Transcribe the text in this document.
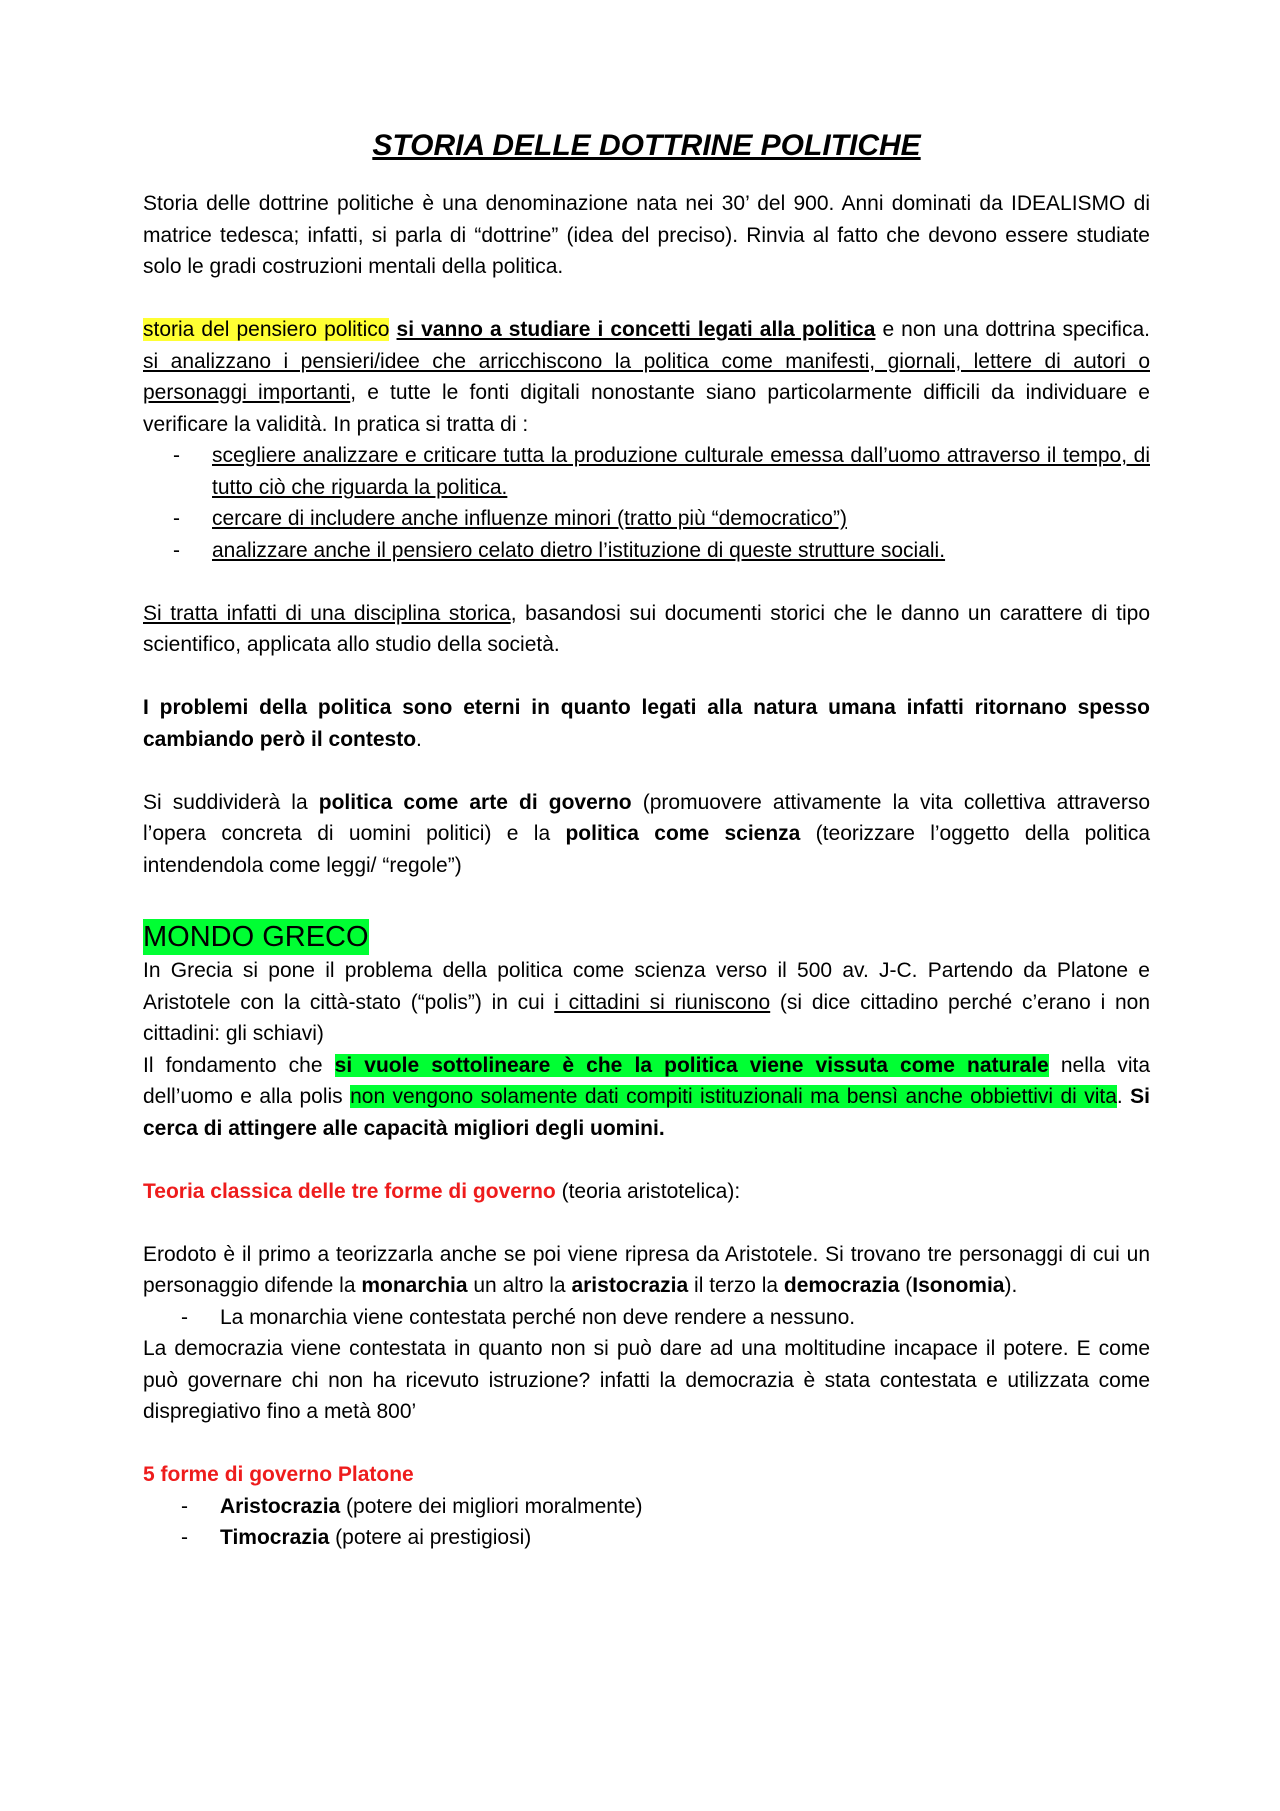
STORIA DELLE DOTTRINE POLITICHE

Storia delle dottrine politiche è una denominazione nata nei 30’ del 900. Anni dominati da IDEALISMO di matrice tedesca; infatti, si parla di “dottrine” (idea del preciso). Rinvia al fatto che devono essere studiate solo le gradi costruzioni mentali della politica.

storia del pensiero politico si vanno a studiare i concetti legati alla politica e non una dottrina specifica. si analizzano i pensieri/idee che arricchiscono la politica come manifesti, giornali, lettere di autori o personaggi importanti, e tutte le fonti digitali nonostante siano particolarmente difficili da individuare e verificare la validità. In pratica si tratta di :

- scegliere analizzare e criticare tutta la produzione culturale emessa dall’uomo attraverso il tempo, di tutto ciò che riguarda la politica.
- cercare di includere anche influenze minori (tratto più “democratico”)
- analizzare anche il pensiero celato dietro l’istituzione di queste strutture sociali.

Si tratta infatti di una disciplina storica, basandosi sui documenti storici che le danno un carattere di tipo scientifico, applicata allo studio della società.

I problemi della politica sono eterni in quanto legati alla natura umana infatti ritornano spesso cambiando però il contesto.

Si suddividerà la politica come arte di governo (promuovere attivamente la vita collettiva attraverso l’opera concreta di uomini politici) e la politica come scienza (teorizzare l’oggetto della politica intendendola come leggi/ “regole”)

MONDO GRECO

In Grecia si pone il problema della politica come scienza verso il 500 av. J-C. Partendo da Platone e Aristotele con la città-stato (“polis”) in cui i cittadini si riuniscono (si dice cittadino perché c’erano i non cittadini: gli schiavi)

Il fondamento che si vuole sottolineare è che la politica viene vissuta come naturale nella vita dell’uomo e alla polis non vengono solamente dati compiti istituzionali ma bensì anche obbiettivi di vita. Si cerca di attingere alle capacità migliori degli uomini.

Teoria classica delle tre forme di governo (teoria aristotelica):

Erodoto è il primo a teorizzarla anche se poi viene ripresa da Aristotele. Si trovano tre personaggi di cui un personaggio difende la monarchia un altro la aristocrazia il terzo la democrazia (Isonomia).

- La monarchia viene contestata perché non deve rendere a nessuno.

La democrazia viene contestata in quanto non si può dare ad una moltitudine incapace il potere. E come può governare chi non ha ricevuto istruzione? infatti la democrazia è stata contestata e utilizzata come dispregiativo fino a metà 800’

5 forme di governo Platone

- Aristocrazia (potere dei migliori moralmente)
- Timocrazia (potere ai prestigiosi)
